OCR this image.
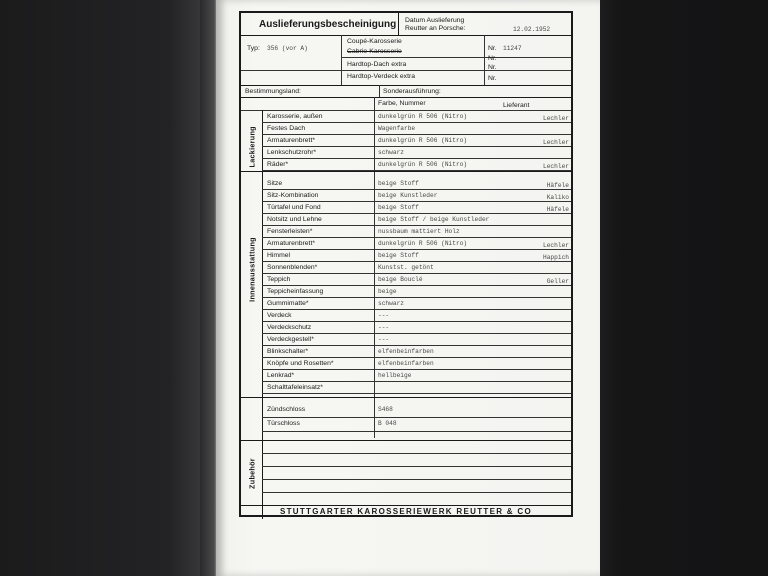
Auslieferungsbescheinigung Datum Auslieferung
Reutter an Porsche:	12.02.1952
Typ: 356 (vor A)
Coupé-Karosserie
Cabrio-Karosserie
Hardtop-Dach extra
Hardtop-Verdeck extra
Nr. 11247
Nr.
Nr.
Nr.
Bestimmungsland:	Sonderausführung:
Farbe, Nummer	Lieferant
Lackierung
Innenausstattung
Zubehör
Karosserie, außen	dunkelgrün R 506 (Nitro)	Lechler
Festes Dach	Wagenfarbe
Armaturenbrett*	dunkelgrün R 506 (Nitro)	Lechler
Lenkschutzrohr*	schwarz
Räder*	dunkelgrün R 506 (Nitro)	Lechler
Sitze	beige Stoff	Häfele
Sitz-Kombination	beige Kunstleder	Kaliko
Türtafel und Fond	beige Stoff	Häfele
Notsitz und Lehne	beige Stoff / beige Kunstleder
Fensterleisten*	nussbaum mattiert Holz
Armaturenbrett*	dunkelgrün R 506 (Nitro)	Lechler
Himmel	beige Stoff	Happich
Sonnenblenden*	Kunstst. getönt
Teppich	beige Bouclé	Geller
Teppicheinfassung	beige
Gummimatte*	schwarz
Verdeck	---
Verdeckschutz	---
Verdeckgestell*	---
Blinkschalter*	elfenbeinfarben
Knöpfe und Rosetten*	elfenbeinfarben
Lenkrad*	hellbeige
Schalttafeleinsatz*
Zündschloss	S468
Türschloss	B 048
STUTTGARTER KAROSSERIEWERK REUTTER & CO
